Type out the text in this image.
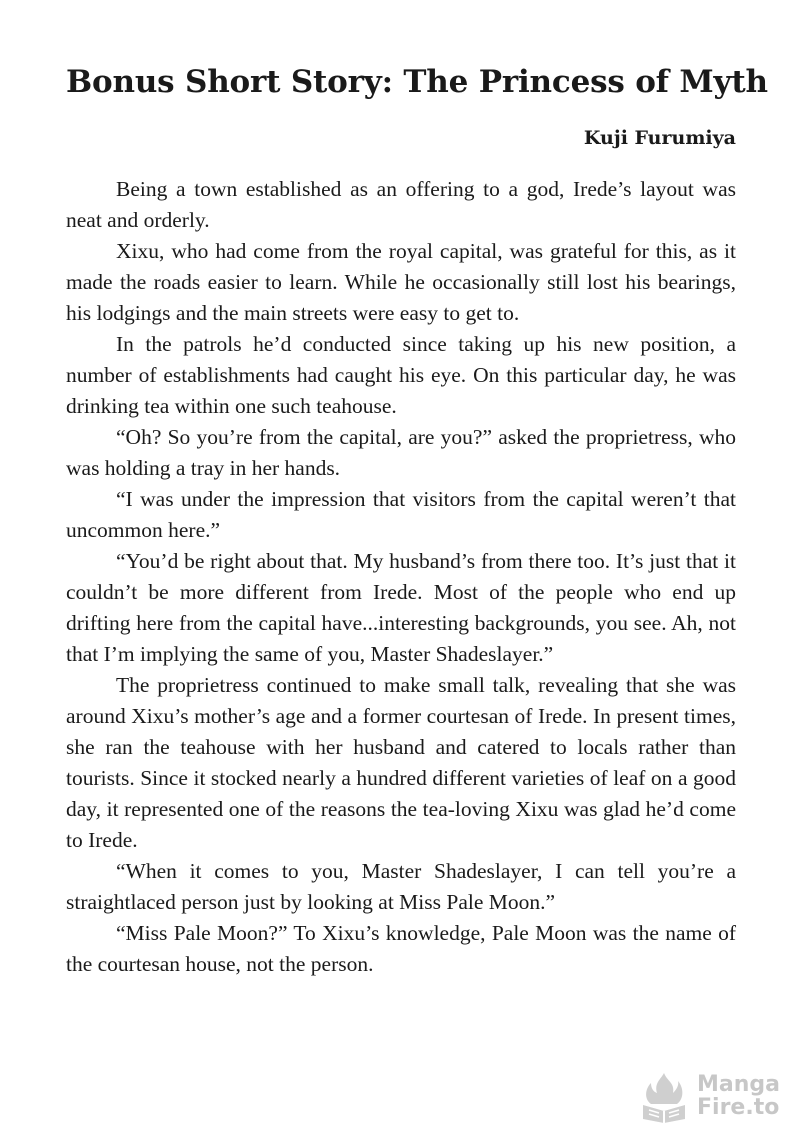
Bonus Short Story: The Princess of Myth
Kuji Furumiya

Being a town established as an offering to a god, Irede’s layout was neat and orderly.

Xixu, who had come from the royal capital, was grateful for this, as it made the roads easier to learn. While he occasionally still lost his bearings, his lodgings and the main streets were easy to get to.

In the patrols he’d conducted since taking up his new position, a number of establishments had caught his eye. On this particular day, he was drinking tea within one such teahouse.

“Oh? So you’re from the capital, are you?” asked the proprietress, who was holding a tray in her hands.

“I was under the impression that visitors from the capital weren’t that uncommon here.”

“You’d be right about that. My husband’s from there too. It’s just that it couldn’t be more different from Irede. Most of the people who end up drifting here from the capital have...interesting backgrounds, you see. Ah, not that I’m implying the same of you, Master Shadeslayer.”

The proprietress continued to make small talk, revealing that she was around Xixu’s mother’s age and a former courtesan of Irede. In present times, she ran the teahouse with her husband and catered to locals rather than tourists. Since it stocked nearly a hundred different varieties of leaf on a good day, it represented one of the reasons the tea-loving Xixu was glad he’d come to Irede.

“When it comes to you, Master Shadeslayer, I can tell you’re a straightlaced person just by looking at Miss Pale Moon.”

“Miss Pale Moon?” To Xixu’s knowledge, Pale Moon was the name of the courtesan house, not the person.

Manga
Fire.to
